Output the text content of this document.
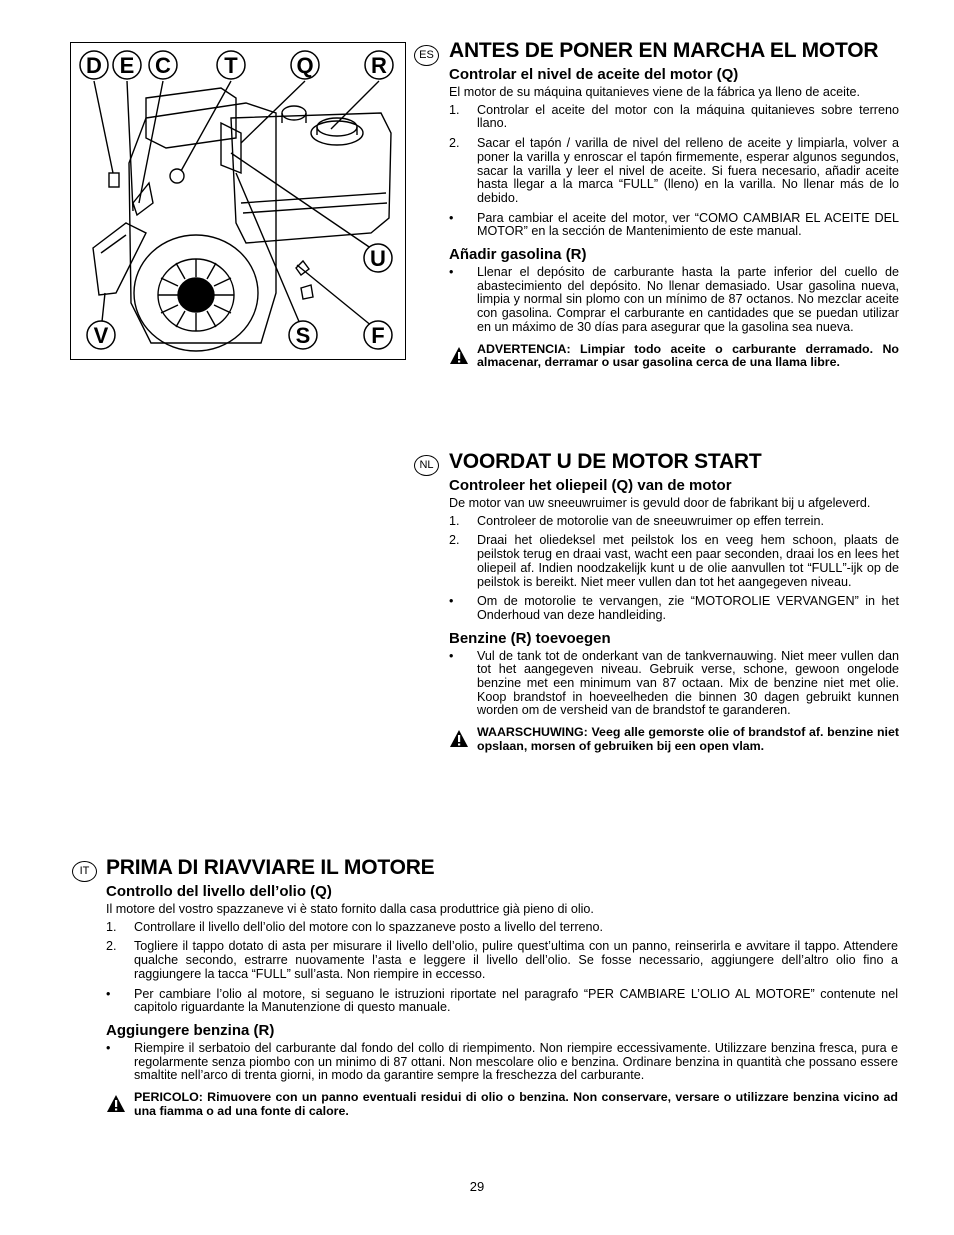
D E C T	Q	R
U
V	S	F
ES ANTES DE PONER EN MARCHA EL MOTOR
Controlar el nivel de aceite del motor (Q)

El motor de su máquina quitanieves viene de la fábrica ya lleno de aceite.

1. Controlar el aceite del motor con la máquina quitanieves sobre terreno llano.
2. Sacar el tapón / varilla de nivel del relleno de aceite y limpiarla, volver a poner la varilla y enroscar el tapón firmemente, esperar algunos segundos, sacar la varilla y leer el nivel de aceite. Si fuera necesario, añadir aceite hasta llegar a la marca “FULL” (lleno) en la varilla. No llenar más de lo debido.
• Para cambiar el aceite del motor, ver “COMO CAMBIAR EL ACEITE DEL MOTOR” en la sección de Mantenimiento de este manual.
Añadir gasolina (R)
• Llenar el depósito de carburante hasta la parte inferior del cuello de abastecimiento del depósito. No llenar demasiado. Usar gasolina nueva, limpia y normal sin plomo con un mínimo de 87 octanos. No mezclar aceite con gasolina. Comprar el carburante en cantidades que se puedan utilizar en un máximo de 30 días para asegurar que la gasolina sea nueva.
ADVERTENCIA: Limpiar todo aceite o carburante derramado. No almacenar, derramar o usar gasolina cerca de una llama libre.
NL VOORDAT U DE MOTOR START
Controleer het oliepeil (Q) van de motor

De motor van uw sneeuwruimer is gevuld door de fabrikant bij u afgeleverd.

1. Controleer de motorolie van de sneeuwruimer op effen terrein.
2. Draai het oliedeksel met peilstok los en veeg hem schoon, plaats de peilstok terug en draai vast, wacht een paar seconden, draai los en lees het oliepeil af. Indien noodzakelijk kunt u de olie aanvullen tot “FULL”-ijk op de peilstok is bereikt. Niet meer vullen dan tot het aangegeven niveau.
• Om de motorolie te vervangen, zie “MOTOROLIE VERVANGEN” in het Onderhoud van deze handleiding.
Benzine (R) toevoegen
• Vul de tank tot de onderkant van de tankvernauwing. Niet meer vullen dan tot het aangegeven niveau. Gebruik verse, schone, gewoon ongelode benzine met een minimum van 87 octaan. Mix de benzine niet met olie. Koop brandstof in hoeveelheden die binnen 30 dagen gebruikt kunnen worden om de versheid van de brandstof te garanderen.
WAARSCHUWING: Veeg alle gemorste olie of brandstof af. benzine niet opslaan, morsen of gebruiken bij een open vlam.
IT PRIMA DI RIAVVIARE IL MOTORE
Controllo del livello dell’olio (Q)

Il motore del vostro spazzaneve vi è stato fornito dalla casa produttrice già pieno di olio.

1. Controllare il livello dell’olio del motore con lo spazzaneve posto a livello del terreno.
2. Togliere il tappo dotato di asta per misurare il livello dell’olio, pulire quest’ultima con un panno, reinserirla e avvitare il tappo. Attendere qualche secondo, estrarre nuovamente l’asta e leggere il livello dell’olio. Se fosse necessario, aggiungere dell’altro olio fino a raggiungere la tacca “FULL” sull’asta. Non riempire in eccesso.
• Per cambiare l’olio al motore, si seguano le istruzioni riportate nel paragrafo “PER CAMBIARE L’OLIO AL MOTORE” contenute nel capitolo riguardante la Manutenzione di questo manuale.
Aggiungere benzina (R)
• Riempire il serbatoio del carburante dal fondo del collo di riempimento. Non riempire eccessivamente. Utilizzare benzina fresca, pura e regolarmente senza piombo con un minimo di 87 ottani. Non mescolare olio e benzina. Ordinare benzina in quantità che possano essere smaltite nell’arco di trenta giorni, in modo da garantire sempre la freschezza del carburante.
PERICOLO: Rimuovere con un panno eventuali residui di olio o benzina. Non conservare, versare o utilizzare benzina vicino ad una fiamma o ad una fonte di calore.
29
